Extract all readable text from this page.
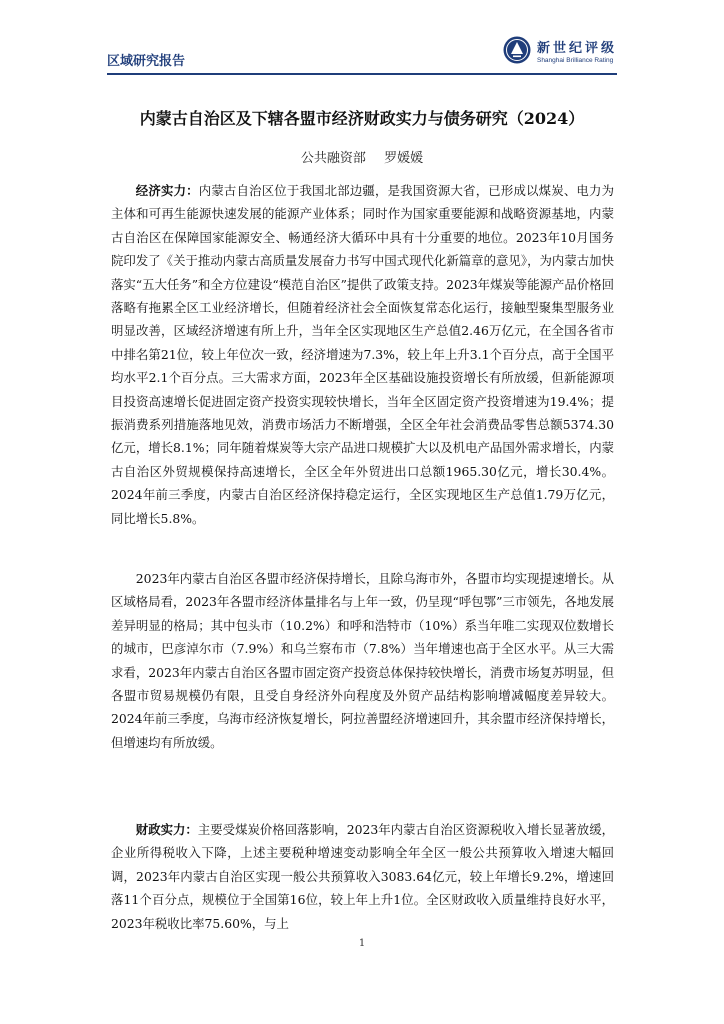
区域研究报告
新世纪评级
Shanghai Brilliance Rating
内蒙古自治区及下辖各盟市经济财政实力与债务研究（2024）
公共融资部 罗媛媛

经济实力：内蒙古自治区位于我国北部边疆，是我国资源大省，已形成以煤炭、电力为主体和可再生能源快速发展的能源产业体系；同时作为国家重要能源和战略资源基地，内蒙古自治区在保障国家能源安全、畅通经济大循环中具有十分重要的地位。2023年10月国务院印发了《关于推动内蒙古高质量发展奋力书写中国式现代化新篇章的意见》，为内蒙古加快落实“五大任务”和全方位建设“模范自治区”提供了政策支持。2023年煤炭等能源产品价格回落略有拖累全区工业经济增长，但随着经济社会全面恢复常态化运行，接触型聚集型服务业明显改善，区域经济增速有所上升，当年全区实现地区生产总值2.46万亿元，在全国各省市中排名第21位，较上年位次一致，经济增速为7.3%，较上年上升3.1个百分点，高于全国平均水平2.1个百分点。三大需求方面，2023年全区基础设施投资增长有所放缓，但新能源项目投资高速增长促进固定资产投资实现较快增长，当年全区固定资产投资增速为19.4%；提振消费系列措施落地见效，消费市场活力不断增强，全区全年社会消费品零售总额5374.30亿元，增长8.1%；同年随着煤炭等大宗产品进口规模扩大以及机电产品国外需求增长，内蒙古自治区外贸规模保持高速增长，全区全年外贸进出口总额1965.30亿元，增长30.4%。2024年前三季度，内蒙古自治区经济保持稳定运行，全区实现地区生产总值1.79万亿元，同比增长5.8%。

2023年内蒙古自治区各盟市经济保持增长，且除乌海市外，各盟市均实现提速增长。从区域格局看，2023年各盟市经济体量排名与上年一致，仍呈现“呼包鄂”三市领先，各地发展差异明显的格局；其中包头市（10.2%）和呼和浩特市（10%）系当年唯二实现双位数增长的城市，巴彦淖尔市（7.9%）和乌兰察布市（7.8%）当年增速也高于全区水平。从三大需求看，2023年内蒙古自治区各盟市固定资产投资总体保持较快增长，消费市场复苏明显，但各盟市贸易规模仍有限，且受自身经济外向程度及外贸产品结构影响增减幅度差异较大。2024年前三季度，乌海市经济恢复增长，阿拉善盟经济增速回升，其余盟市经济保持增长，但增速均有所放缓。

财政实力：主要受煤炭价格回落影响，2023年内蒙古自治区资源税收入增长显著放缓，企业所得税收入下降，上述主要税种增速变动影响全年全区一般公共预算收入增速大幅回调，2023年内蒙古自治区实现一般公共预算收入3083.64亿元，较上年增长9.2%，增速回落11个百分点，规模位于全国第16位，较上年上升1位。全区财政收入质量维持良好水平，2023年税收比率75.60%，与上

1
